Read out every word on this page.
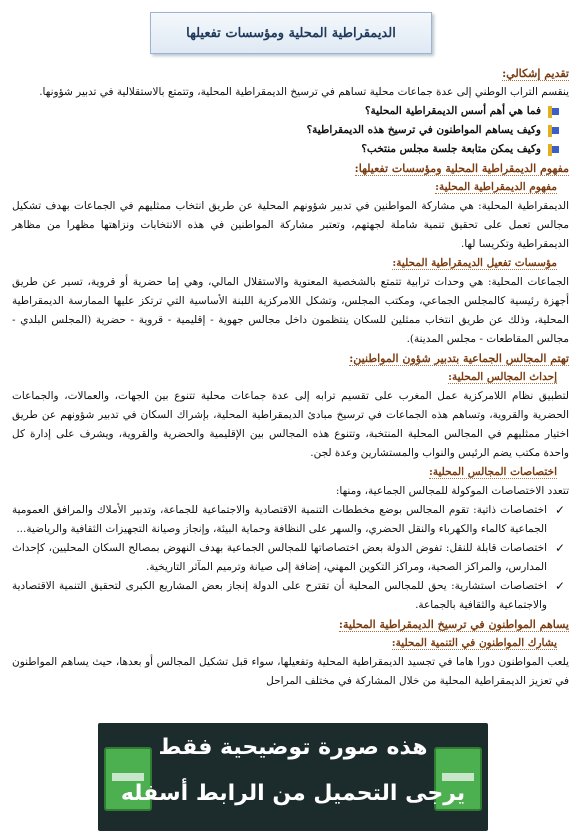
الديمقراطية المحلية ومؤسسات تفعيلها
تقديم إشكالي:

ينقسم التراب الوطني إلى عدة جماعات محلية تساهم في ترسيخ الديمقراطية المحلية، وتتمتع بالاستقلالية في تدبير شؤونها.

فما هي أهم أسس الديمقراطية المحلية؟
وكيف يساهم المواطنون في ترسيخ هذه الديمقراطية؟
وكيف يمكن متابعة جلسة مجلس منتخب؟
مفهوم الديمقراطية المحلية ومؤسسات تفعيلها:
مفهوم الديمقراطية المحلية:

الديمقراطية المحلية: هي مشاركة المواطنين في تدبير شؤونهم المحلية عن طريق انتخاب ممثليهم في الجماعات بهدف تشكيل مجالس تعمل على تحقيق تنمية شاملة لجهتهم، وتعتبر مشاركة المواطنين في هذه الانتخابات ونزاهتها مظهرا من مظاهر الديمقراطية وتكريسا لها.

مؤسسات تفعيل الديمقراطية المحلية:

الجماعات المحلية: هي وحدات ترابية تتمتع بالشخصية المعنوية والاستقلال المالي، وهي إما حضرية أو قروية، تسير عن طريق أجهزة رئيسية كالمجلس الجماعي، ومكتب المجلس، وتشكل اللامركزية اللبنة الأساسية التي ترتكز عليها الممارسة الديمقراطية المحلية، وذلك عن طريق انتخاب ممثلين للسكان ينتظمون داخل مجالس جهوية - إقليمية - قروية - حضرية (المجلس البلدي - مجالس المقاطعات - مجلس المدينة).

تهتم المجالس الجماعية بتدبير شؤون المواطنين:
إحداث المجالس المحلية:

لتطبيق نظام اللامركزية عمل المغرب على تقسيم ترابه إلى عدة جماعات محلية تتنوع بين الجهات، والعمالات، والجماعات الحضرية والقروية، وتساهم هذه الجماعات في ترسيخ مبادئ الديمقراطية المحلية، بإشراك السكان في تدبير شؤونهم عن طريق اختيار ممثليهم في المجالس المحلية المنتخبة، وتتنوع هذه المجالس بين الإقليمية والحضرية والقروية، ويشرف على إدارة كل واحدة مكتب يضم الرئيس والنواب والمستشارين وعدة لجن.

اختصاصات المجالس المحلية:

تتعدد الاختصاصات الموكولة للمجالس الجماعية، ومنها:

✓
اختصاصات ذاتية: تقوم المجالس بوضع مخططات التنمية الاقتصادية والاجتماعية للجماعة، وتدبير الأملاك والمرافق العمومية الجماعية كالماء والكهرباء والنقل الحضري، والسهر على النظافة وحماية البيئة، وإنجاز وصيانة التجهيزات الثقافية والرياضية...
✓
اختصاصات قابلة للنقل: تفوض الدولة بعض اختصاصاتها للمجالس الجماعية بهدف النهوض بمصالح السكان المحليين، كإحداث المدارس، والمراكز الصحية، ومراكز التكوين المهني، إضافة إلى صيانة وترميم المآثر التاريخية.
✓
اختصاصات استشارية: يحق للمجالس المحلية أن تقترح على الدولة إنجاز بعض المشاريع الكبرى لتحقيق التنمية الاقتصادية والاجتماعية والثقافية بالجماعة.
يساهم المواطنون في ترسيخ الديمقراطية المحلية:
يشارك المواطنون في التنمية المحلية:

يلعب المواطنون دورا هاما في تجسيد الديمقراطية المحلية وتفعيلها، سواء قبل تشكيل المجالس أو بعدها، حيث يساهم المواطنون في تعزيز الديمقراطية المحلية من خلال المشاركة في مختلف المراحل

هذه صورة توضيحية فقط
يرجى التحميل من الرابط أسفله
